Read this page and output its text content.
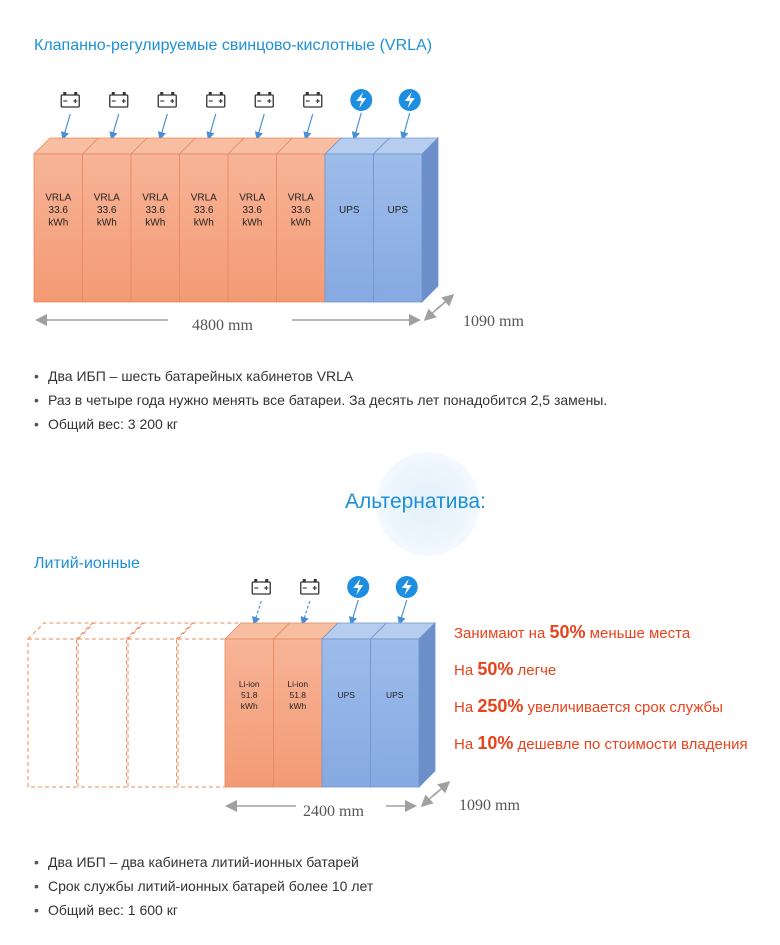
Клапанно-регулируемые свинцово-кислотные (VRLA)
VRLA
33.6
kWh
VRLA
33.6
kWh
VRLA
33.6
kWh
VRLA
33.6
kWh
VRLA
33.6
kWh
VRLA
33.6
kWh
UPS	UPS
Li-ion
51.8
kWh
Li-ion
51.8
kWh
UPS	UPS
4800 mm	1090 mm
• Два ИБП – шесть батарейных кабинетов VRLA
• Раз в четыре года нужно менять все батареи. За десять лет понадобится 2,5 замены.
• Общий вес: 3 200 кг
Альтернатива:
Литий-ионные
2400 mm	1090 mm
Занимают на 50% меньше места
На 50% легче
На 250% увеличивается срок службы
На 10% дешевле по стоимости владения
• Два ИБП – два кабинета литий-ионных батарей
• Срок службы литий-ионных батарей более 10 лет
• Общий вес: 1 600 кг
